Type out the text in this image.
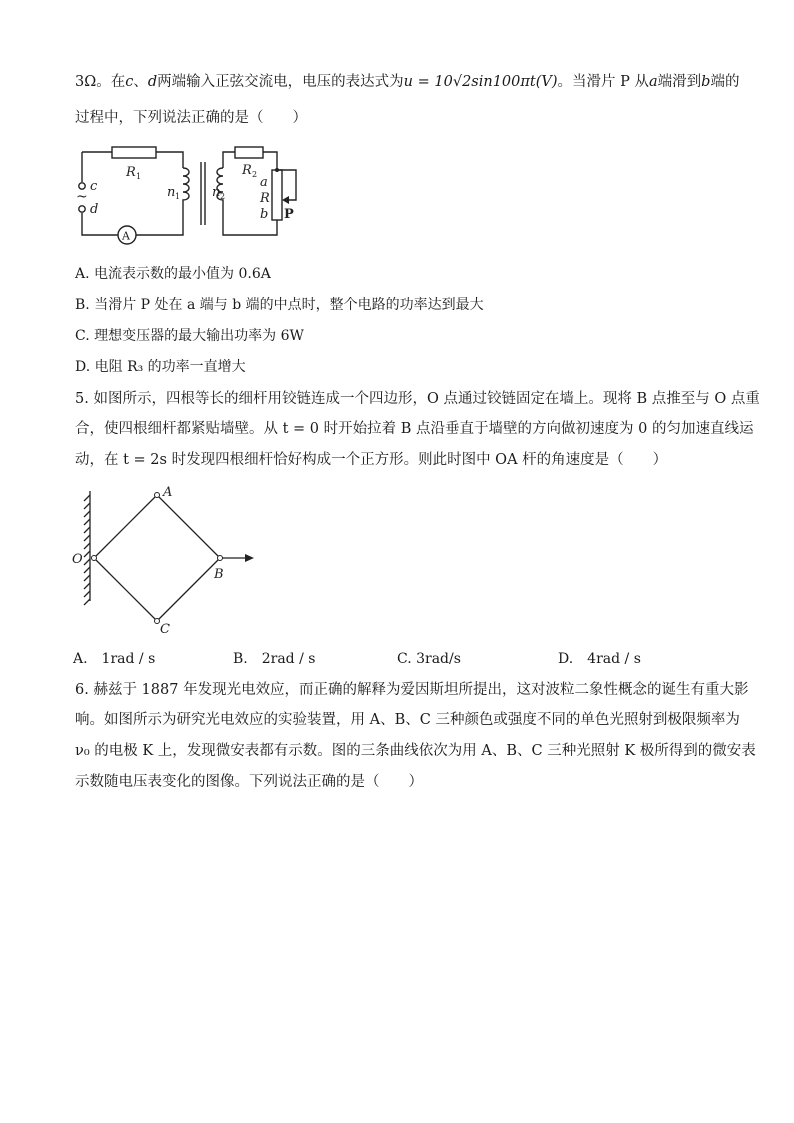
3Ω。在c、d两端输入正弦交流电，电压的表达式为u = 10√2sin100πt(V)。当滑片 P 从a端滑到b端的
过程中，下列说法正确的是（　　）
c
~
d
A
R 1
n 1 n 2
R 2
a
R
b P
A. 电流表示数的最小值为 0.6A
B. 当滑片 P 处在 a 端与 b 端的中点时，整个电路的功率达到最大
C. 理想变压器的最大输出功率为 6W
D. 电阻 R₃ 的功率一直增大
5. 如图所示，四根等长的细杆用铰链连成一个四边形，O 点通过铰链固定在墙上。现将 B 点推至与 O 点重
合，使四根细杆都紧贴墙壁。从 t = 0 时开始拉着 B 点沿垂直于墙壁的方向做初速度为 0 的匀加速直线运
动，在 t = 2s 时发现四根细杆恰好构成一个正方形。则此时图中 OA 杆的角速度是（　　）
O
A
B
C
A.　1rad / s	B.　2rad / s	C. 3rad/s	D.　4rad / s
6. 赫兹于 1887 年发现光电效应，而正确的解释为爱因斯坦所提出，这对波粒二象性概念的诞生有重大影
响。如图所示为研究光电效应的实验装置，用 A、B、C 三种颜色或强度不同的单色光照射到极限频率为
ν₀ 的电极 K 上，发现微安表都有示数。图的三条曲线依次为用 A、B、C 三种光照射 K 极所得到的微安表
示数随电压表变化的图像。下列说法正确的是（　　）
